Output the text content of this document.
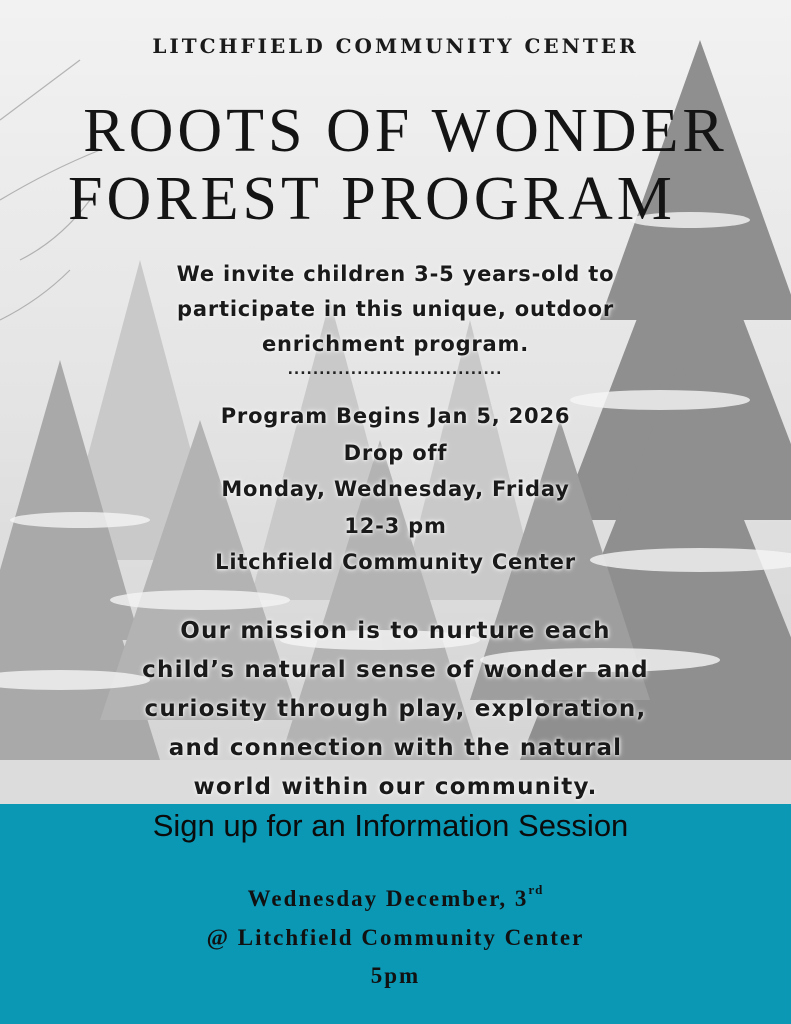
LITCHFIELD COMMUNITY CENTER
ROOTS OF WONDER
FOREST PROGRAM
We invite children 3-5 years-old to
participate in this unique, outdoor
enrichment program.
..................................
Program Begins Jan 5, 2026
Drop off
Monday, Wednesday, Friday
12-3 pm
Litchfield Community Center
Our mission is to nurture each
child’s natural sense of wonder and
curiosity through play, exploration,
and connection with the natural
world within our community.
Sign up for an Information Session
Wednesday December, 3rd
@ Litchfield Community Center
5pm
